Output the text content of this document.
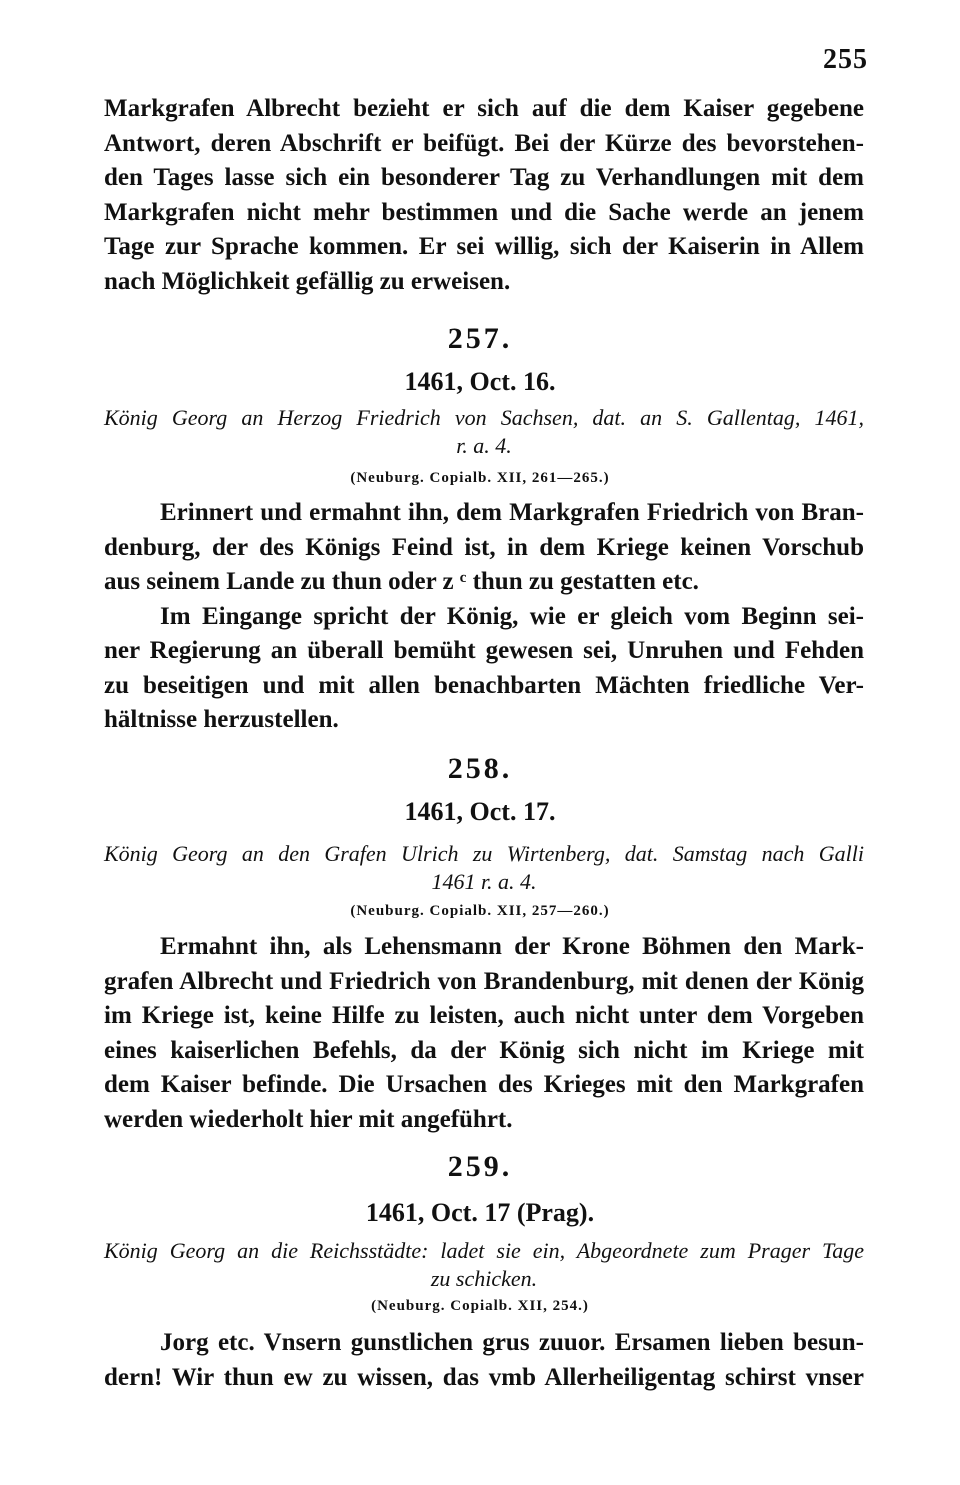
255
Markgrafen Albrecht bezieht er sich auf die dem Kaiser gegebene
Antwort, deren Abschrift er beifügt. Bei der Kürze des bevorstehen-
den Tages lasse sich ein besonderer Tag zu Verhandlungen mit dem
Markgrafen nicht mehr bestimmen und die Sache werde an jenem
Tage zur Sprache kommen. Er sei willig, sich der Kaiserin in Allem
nach Möglichkeit gefällig zu erweisen.
257.
1461, Oct. 16.
König Georg an Herzog Friedrich von Sachsen, dat. an S. Gallentag, 1461,
r. a. 4.
(Neuburg. Copialb. XII, 261—265.)
Erinnert und ermahnt ihn, dem Markgrafen Friedrich von Bran-
denburg, der des Königs Feind ist, in dem Kriege keinen Vorschub
aus seinem Lande zu thun oder z ͨ thun zu gestatten etc.
Im Eingange spricht der König, wie er gleich vom Beginn sei-
ner Regierung an überall bemüht gewesen sei, Unruhen und Fehden
zu beseitigen und mit allen benachbarten Mächten friedliche Ver-
hältnisse herzustellen.
258.
1461, Oct. 17.
König Georg an den Grafen Ulrich zu Wirtenberg, dat. Samstag nach Galli
1461 r. a. 4.
(Neuburg. Copialb. XII, 257—260.)
Ermahnt ihn, als Lehensmann der Krone Böhmen den Mark-
grafen Albrecht und Friedrich von Brandenburg, mit denen der König
im Kriege ist, keine Hilfe zu leisten, auch nicht unter dem Vorgeben
eines kaiserlichen Befehls, da der König sich nicht im Kriege mit
dem Kaiser befinde. Die Ursachen des Krieges mit den Markgrafen
werden wiederholt hier mit angeführt.
259.
1461, Oct. 17 (Prag).
König Georg an die Reichsstädte: ladet sie ein, Abgeordnete zum Prager Tage
zu schicken.
(Neuburg. Copialb. XII, 254.)
Jorg etc. Vnsern gunstlichen grus zuuor. Ersamen lieben besun-
dern! Wir thun ew zu wissen, das vmb Allerheiligentag schirst vnser
